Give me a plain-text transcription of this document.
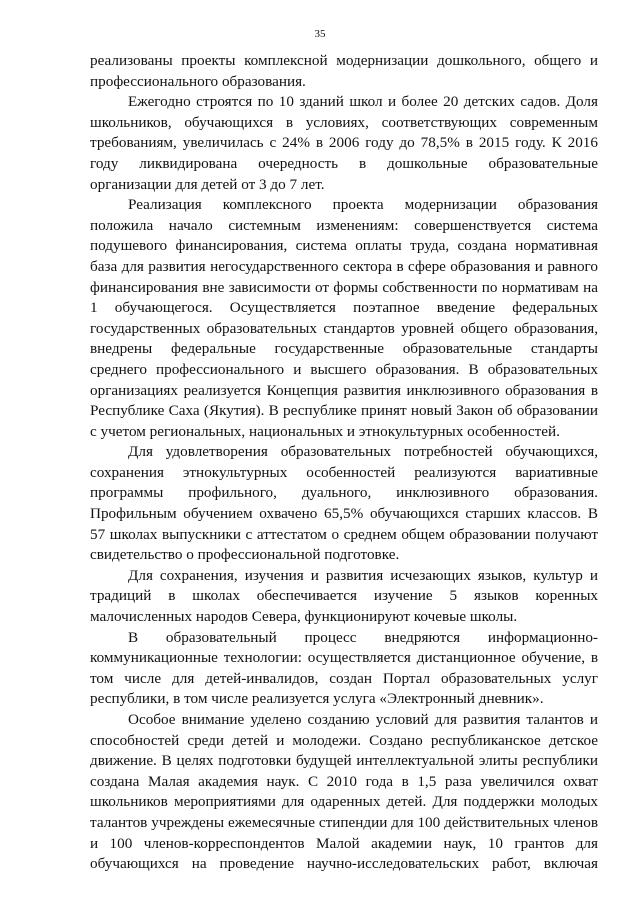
35
реализованы проекты комплексной модернизации дошкольного, общего и
профессионального образования.
Ежегодно строятся по 10 зданий школ и более 20 детских садов. Доля
школьников, обучающихся в условиях, соответствующих современным
требованиям, увеличилась с 24% в 2006 году до 78,5% в 2015 году. К 2016
году ликвидирована очередность в дошкольные образовательные
организации для детей от 3 до 7 лет.
Реализация комплексного проекта модернизации образования
положила начало системным изменениям: совершенствуется система
подушевого финансирования, система оплаты труда, создана нормативная
база для развития негосударственного сектора в сфере образования и равного
финансирования вне зависимости от формы собственности по нормативам на
1 обучающегося. Осуществляется поэтапное введение федеральных
государственных образовательных стандартов уровней общего образования,
внедрены федеральные государственные образовательные стандарты
среднего профессионального и высшего образования. В образовательных
организациях реализуется Концепция развития инклюзивного образования в
Республике Саха (Якутия). В республике принят новый Закон об образовании
с учетом региональных, национальных и этнокультурных особенностей.
Для удовлетворения образовательных потребностей обучающихся,
сохранения этнокультурных особенностей реализуются вариативные
программы профильного, дуального, инклюзивного образования.
Профильным обучением охвачено 65,5% обучающихся старших классов. В
57 школах выпускники с аттестатом о среднем общем образовании получают
свидетельство о профессиональной подготовке.
Для сохранения, изучения и развития исчезающих языков, культур и
традиций в школах обеспечивается изучение 5 языков коренных
малочисленных народов Севера, функционируют кочевые школы.
В образовательный процесс внедряются информационно-
коммуникационные технологии: осуществляется дистанционное обучение, в
том числе для детей-инвалидов, создан Портал образовательных услуг
республики, в том числе реализуется услуга «Электронный дневник».
Особое внимание уделено созданию условий для развития талантов и
способностей среди детей и молодежи. Создано республиканское детское
движение. В целях подготовки будущей интеллектуальной элиты республики
создана Малая академия наук. С 2010 года в 1,5 раза увеличился охват
школьников мероприятиями для одаренных детей. Для поддержки молодых
талантов учреждены ежемесячные стипендии для 100 действительных членов
и 100 членов-корреспондентов Малой академии наук, 10 грантов для
обучающихся на проведение научно-исследовательских работ, включая
